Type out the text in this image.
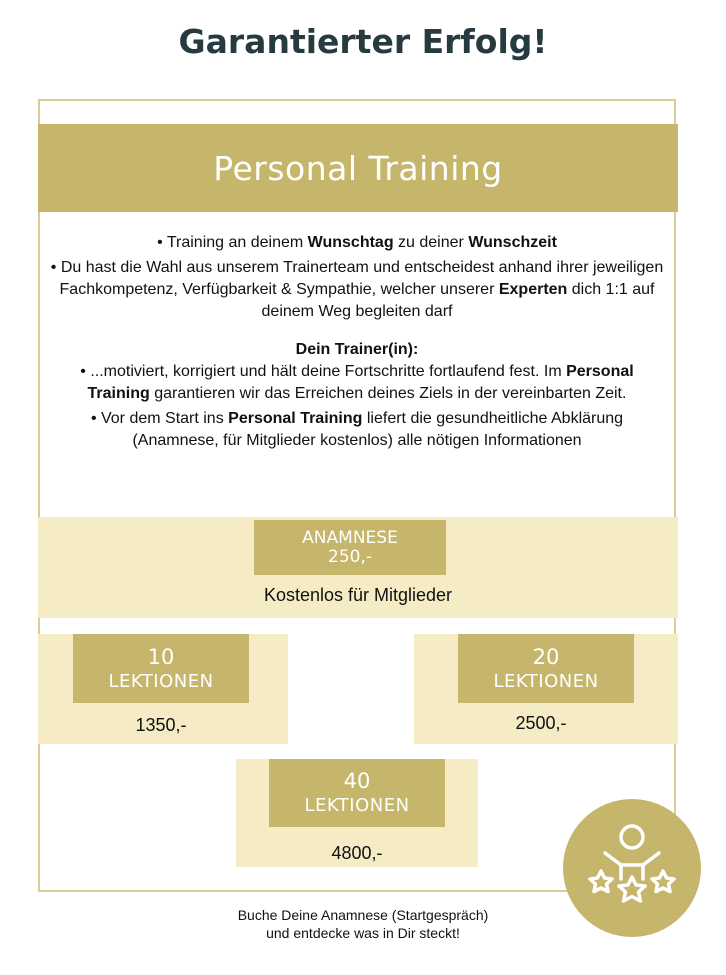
Garantierter Erfolg!
Personal Training

• Training an deinem Wunschtag zu deiner Wunschzeit

• Du hast die Wahl aus unserem Trainerteam und entscheidest anhand ihrer jeweiligen Fachkompetenz, Verfügbarkeit & Sympathie, welcher unserer Experten dich 1:1 auf deinem Weg begleiten darf

Dein Trainer(in):

• ...motiviert, korrigiert und hält deine Fortschritte fortlaufend fest. Im Personal Training garantieren wir das Erreichen deines Ziels in der vereinbarten Zeit.

• Vor dem Start ins Personal Training liefert die gesundheitliche Abklärung (Anamnese, für Mitglieder kostenlos) alle nötigen Informationen

ANAMNESE
250,-
Kostenlos für Mitglieder
10
LEKTIONEN
1350,-
20
LEKTIONEN
2500,-
40
LEKTIONEN
4800,-

Buche Deine Anamnese (Startgespräch)

und entdecke was in Dir steckt!
